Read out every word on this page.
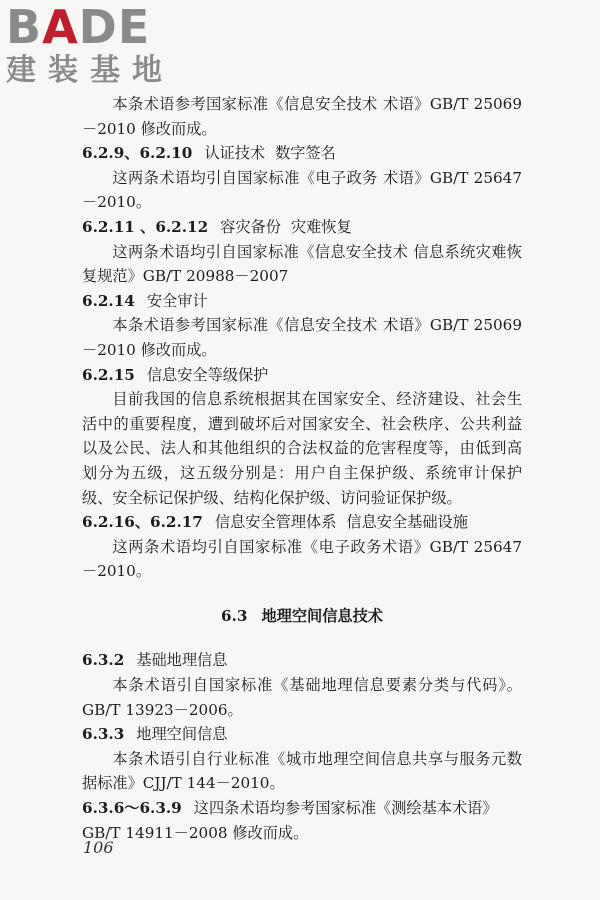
BADE
建装基地
本条术语参考国家标准《信息安全技术 术语》GB/T 25069－2010 修改而成。
6.2.9、6.2.10 认证技术 数字签名
这两条术语均引自国家标准《电子政务 术语》GB/T 25647－2010。
6.2.11 、6.2.12 容灾备份 灾难恢复
这两条术语均引自国家标准《信息安全技术 信息系统灾难恢复规范》GB/T 20988－2007
6.2.14 安全审计
本条术语参考国家标准《信息安全技术 术语》GB/T 25069－2010 修改而成。
6.2.15 信息安全等级保护
目前我国的信息系统根据其在国家安全、经济建设、社会生活中的重要程度，遭到破坏后对国家安全、社会秩序、公共利益以及公民、法人和其他组织的合法权益的危害程度等，由低到高划分为五级，这五级分别是：用户自主保护级、系统审计保护级、安全标记保护级、结构化保护级、访问验证保护级。
6.2.16、6.2.17 信息安全管理体系 信息安全基础设施
这两条术语均引自国家标准《电子政务术语》GB/T 25647－2010。
6.3 地理空间信息技术
6.3.2 基础地理信息
本条术语引自国家标准《基础地理信息要素分类与代码》。GB/T 13923－2006。
6.3.3 地理空间信息
本条术语引自行业标准《城市地理空间信息共享与服务元数据标准》CJJ/T 144－2010。
6.3.6～6.3.9 这四条术语均参考国家标准《测绘基本术语》GB/T 14911－2008 修改而成。
106
